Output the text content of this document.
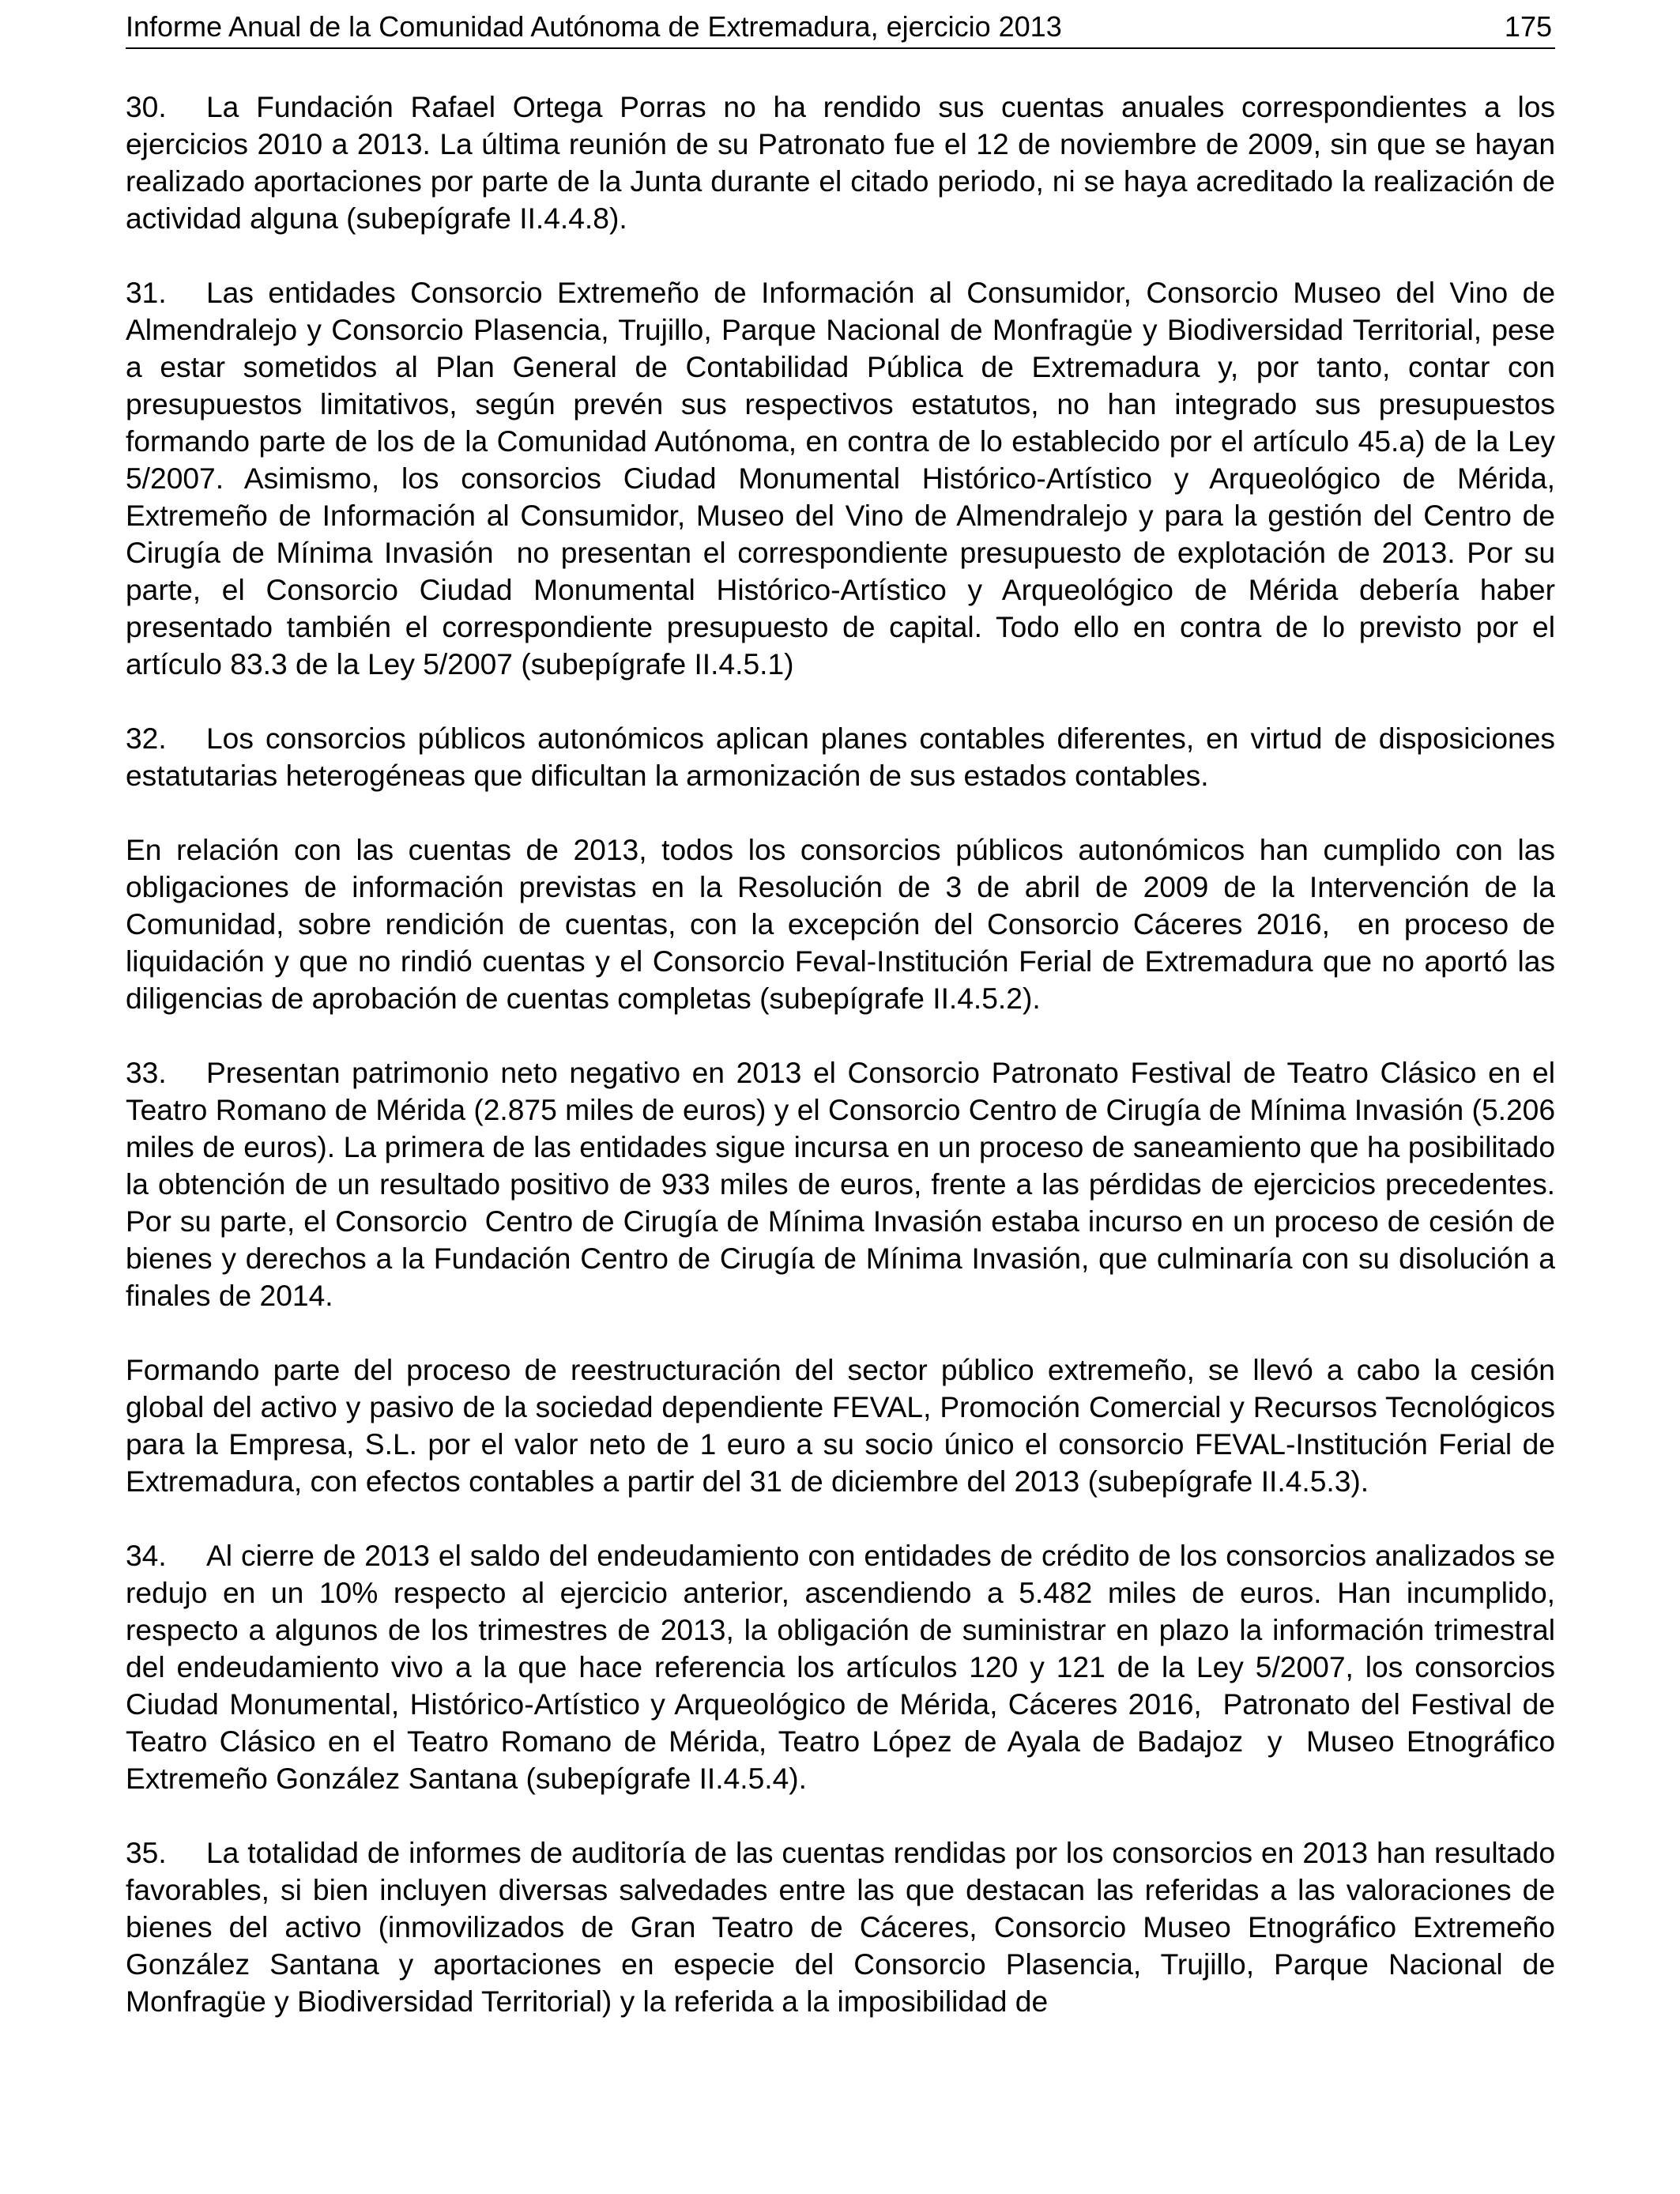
Informe Anual de la Comunidad Autónoma de Extremadura, ejercicio 2013	175

30. La Fundación Rafael Ortega Porras no ha rendido sus cuentas anuales correspondientes a los ejercicios 2010 a 2013. La última reunión de su Patronato fue el 12 de noviembre de 2009, sin que se hayan realizado aportaciones por parte de la Junta durante el citado periodo, ni se haya acreditado la realización de actividad alguna (subepígrafe II.4.4.8).

31. Las entidades Consorcio Extremeño de Información al Consumidor, Consorcio Museo del Vino de Almendralejo y Consorcio Plasencia, Trujillo, Parque Nacional de Monfragüe y Biodiversidad Territorial, pese a estar sometidos al Plan General de Contabilidad Pública de Extremadura y, por tanto, contar con presupuestos limitativos, según prevén sus respectivos estatutos, no han integrado sus presupuestos formando parte de los de la Comunidad Autónoma, en contra de lo establecido por el artículo 45.a) de la Ley 5/2007. Asimismo, los consorcios Ciudad Monumental Histórico-Artístico y Arqueológico de Mérida, Extremeño de Información al Consumidor, Museo del Vino de Almendralejo y para la gestión del Centro de Cirugía de Mínima Invasión  no presentan el correspondiente presupuesto de explotación de 2013. Por su parte, el Consorcio Ciudad Monumental Histórico-Artístico y Arqueológico de Mérida debería haber presentado también el correspondiente presupuesto de capital. Todo ello en contra de lo previsto por el artículo 83.3 de la Ley 5/2007 (subepígrafe II.4.5.1)

32. Los consorcios públicos autonómicos aplican planes contables diferentes, en virtud de disposiciones estatutarias heterogéneas que dificultan la armonización de sus estados contables.

En relación con las cuentas de 2013, todos los consorcios públicos autonómicos han cumplido con las obligaciones de información previstas en la Resolución de 3 de abril de 2009 de la Intervención de la Comunidad, sobre rendición de cuentas, con la excepción del Consorcio Cáceres 2016,  en proceso de liquidación y que no rindió cuentas y el Consorcio Feval-Institución Ferial de Extremadura que no aportó las diligencias de aprobación de cuentas completas (subepígrafe II.4.5.2).

33. Presentan patrimonio neto negativo en 2013 el Consorcio Patronato Festival de Teatro Clásico en el Teatro Romano de Mérida (2.875 miles de euros) y el Consorcio Centro de Cirugía de Mínima Invasión (5.206 miles de euros). La primera de las entidades sigue incursa en un proceso de saneamiento que ha posibilitado la obtención de un resultado positivo de 933 miles de euros, frente a las pérdidas de ejercicios precedentes. Por su parte, el Consorcio  Centro de Cirugía de Mínima Invasión estaba incurso en un proceso de cesión de bienes y derechos a la Fundación Centro de Cirugía de Mínima Invasión, que culminaría con su disolución a finales de 2014.

Formando parte del proceso de reestructuración del sector público extremeño, se llevó a cabo la cesión global del activo y pasivo de la sociedad dependiente FEVAL, Promoción Comercial y Recursos Tecnológicos para la Empresa, S.L. por el valor neto de 1 euro a su socio único el consorcio FEVAL-Institución Ferial de Extremadura, con efectos contables a partir del 31 de diciembre del 2013 (subepígrafe II.4.5.3).

34. Al cierre de 2013 el saldo del endeudamiento con entidades de crédito de los consorcios analizados se redujo en un 10% respecto al ejercicio anterior, ascendiendo a 5.482 miles de euros. Han incumplido, respecto a algunos de los trimestres de 2013, la obligación de suministrar en plazo la información trimestral del endeudamiento vivo a la que hace referencia los artículos 120 y 121 de la Ley 5/2007, los consorcios Ciudad Monumental, Histórico-Artístico y Arqueológico de Mérida, Cáceres 2016,  Patronato del Festival de Teatro Clásico en el Teatro Romano de Mérida, Teatro López de Ayala de Badajoz  y  Museo Etnográfico Extremeño González Santana (subepígrafe II.4.5.4).

35. La totalidad de informes de auditoría de las cuentas rendidas por los consorcios en 2013 han resultado favorables, si bien incluyen diversas salvedades entre las que destacan las referidas a las valoraciones de bienes del activo (inmovilizados de Gran Teatro de Cáceres, Consorcio Museo Etnográfico Extremeño González Santana y aportaciones en especie del Consorcio Plasencia, Trujillo, Parque Nacional de Monfragüe y Biodiversidad Territorial) y la referida a la imposibilidad de
